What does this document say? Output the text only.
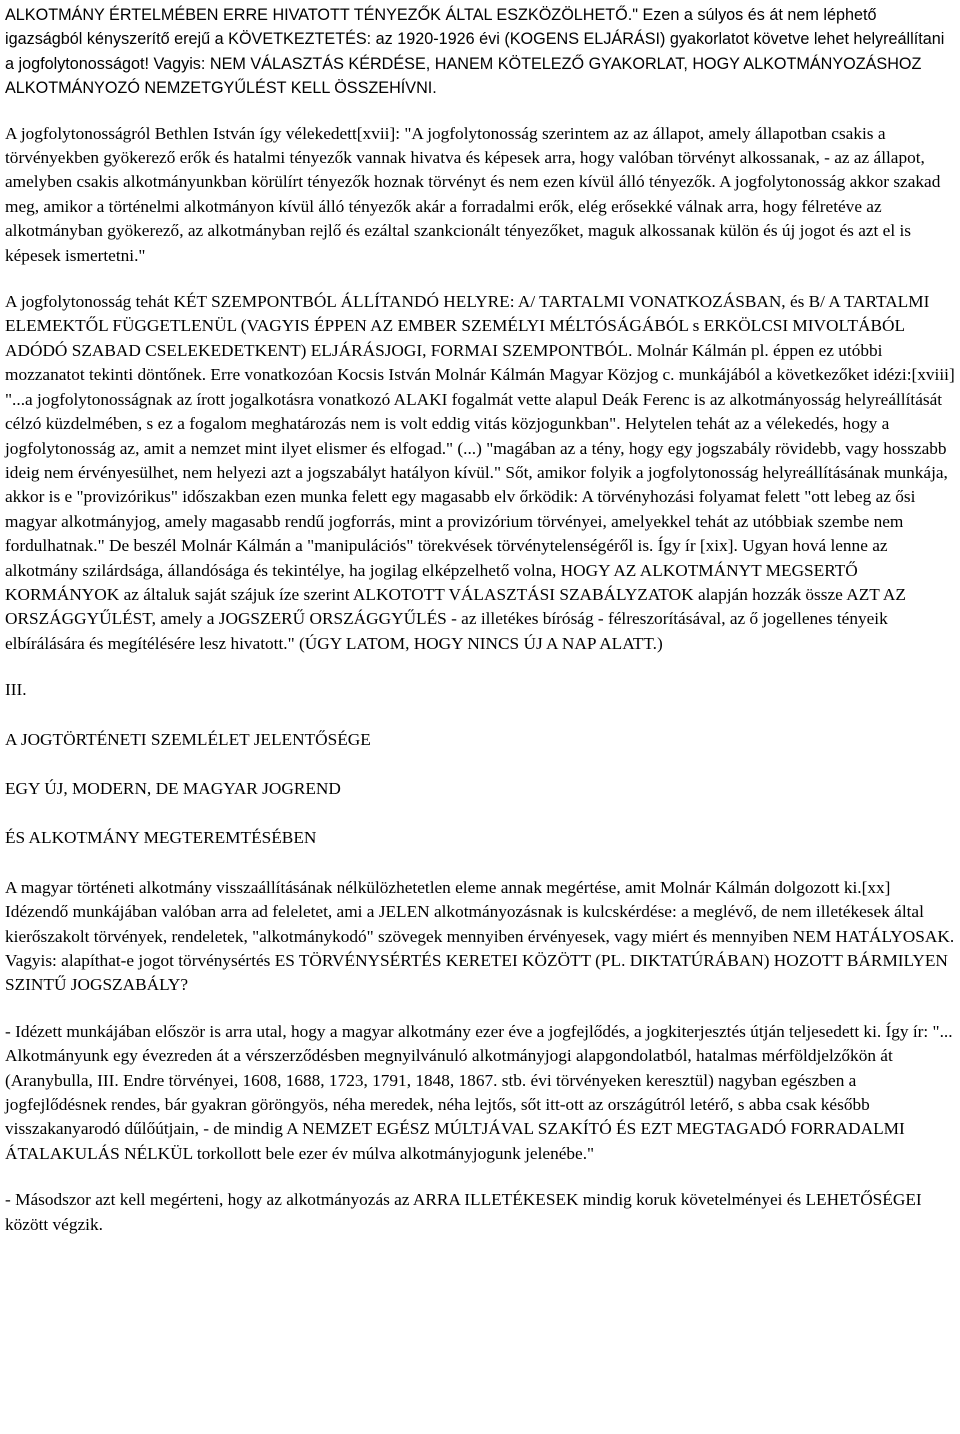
ALKOTMÁNY ÉRTELMÉBEN ERRE HIVATOTT TÉNYEZŐK ÁLTAL ESZKÖZÖLHETŐ." Ezen a súlyos és át nem léphető igazságból kényszerítő erejű a KÖVETKEZTETÉS: az 1920-1926 évi (KOGENS ELJÁRÁSI) gyakorlatot követve lehet helyreállítani a jogfolytonosságot! Vagyis: NEM VÁLASZTÁS KÉRDÉSE, HANEM KÖTELEZŐ GYAKORLAT, HOGY ALKOTMÁNYOZÁSHOZ ALKOTMÁNYOZÓ NEMZETGYŰLÉST KELL ÖSSZEHÍVNI.

A jogfolytonosságról Bethlen István így vélekedett[xvii]: "A jogfolytonosság szerintem az az állapot, amely állapotban csakis a törvényekben gyökerező erők és hatalmi tényezők vannak hivatva és képesek arra, hogy valóban törvényt alkossanak, - az az állapot, amelyben csakis alkotmányunkban körülírt tényezők hoznak törvényt és nem ezen kívül álló tényezők. A jogfolytonosság akkor szakad meg, amikor a történelmi alkotmányon kívül álló tényezők akár a forradalmi erők, elég erősekké válnak arra, hogy félretéve az alkotmányban gyökerező, az alkotmányban rejlő és ezáltal szankcionált tényezőket, maguk alkossanak külön és új jogot és azt el is képesek ismertetni."

A jogfolytonosság tehát KÉT SZEMPONTBÓL ÁLLÍTANDÓ HELYRE: A/ TARTALMI VONATKOZÁSBAN, és B/ A TARTALMI ELEMEKTŐL FÜGGETLENÜL (VAGYIS ÉPPEN AZ EMBER SZEMÉLYI MÉLTÓSÁGÁBÓL s ERKÖLCSI MIVOLTÁBÓL ADÓDÓ SZABAD CSELEKEDETKENT) ELJÁRÁSJOGI, FORMAI SZEMPONTBÓL. Molnár Kálmán pl. éppen ez utóbbi mozzanatot tekinti döntőnek. Erre vonatkozóan Kocsis István Molnár Kálmán Magyar Közjog c. munkájából a következőket idézi:[xviii] "...a jogfolytonosságnak az írott jogalkotásra vonatkozó ALAKI fogalmát vette alapul Deák Ferenc is az alkotmányosság helyreállítását célzó küzdelmében, s ez a fogalom meghatározás nem is volt eddig vitás közjogunkban". Helytelen tehát az a vélekedés, hogy a jogfolytonosság az, amit a nemzet mint ilyet elismer és elfogad." (...) "magában az a tény, hogy egy jogszabály rövidebb, vagy hosszabb ideig nem érvényesülhet, nem helyezi azt a jogszabályt hatályon kívül." Sőt, amikor folyik a jogfolytonosság helyreállításának munkája, akkor is e "provizórikus" időszakban ezen munka felett egy magasabb elv őrködik: A törvényhozási folyamat felett "ott lebeg az ősi magyar alkotmányjog, amely magasabb rendű jogforrás, mint a provizórium törvényei, amelyekkel tehát az utóbbiak szembe nem fordulhatnak." De beszél Molnár Kálmán a "manipulációs" törekvések törvénytelenségéről is. Így ír [xix]. Ugyan hová lenne az alkotmány szilárdsága, állandósága és tekintélye, ha jogilag elképzelhető volna, HOGY AZ ALKOTMÁNYT MEGSERTŐ KORMÁNYOK az általuk saját szájuk íze szerint ALKOTOTT VÁLASZTÁSI SZABÁLYZATOK alapján hozzák össze AZT AZ ORSZÁGGYŰLÉST, amely a JOGSZERŰ ORSZÁGGYŰLÉS - az illetékes bíróság - félreszorításával, az ő jogellenes tényeik elbírálására és megítélésére lesz hivatott." (ÚGY LATOM, HOGY NINCS ÚJ A NAP ALATT.)

III.

A JOGTÖRTÉNETI SZEMLÉLET JELENTŐSÉGE

EGY ÚJ, MODERN, DE MAGYAR JOGREND

ÉS ALKOTMÁNY MEGTEREMTÉSÉBEN

A magyar történeti alkotmány visszaállításának nélkülözhetetlen eleme annak megértése, amit Molnár Kálmán dolgozott ki.[xx] Idézendő munkájában valóban arra ad feleletet, ami a JELEN alkotmányozásnak is kulcskérdése: a meglévő, de nem illetékesek által kierőszakolt törvények, rendeletek, "alkotmánykodó" szövegek mennyiben érvényesek, vagy miért és mennyiben NEM HATÁLYOSAK. Vagyis: alapíthat-e jogot törvénysértés ES TÖRVÉNYSÉRTÉS KERETEI KÖZÖTT (PL. DIKTATÚRÁBAN) HOZOTT BÁRMILYEN SZINTŰ JOGSZABÁLY?

- Idézett munkájában először is arra utal, hogy a magyar alkotmány ezer éve a jogfejlődés, a jogkiterjesztés útján teljesedett ki. Így ír: "... Alkotmányunk egy évezreden át a vérszerződésben megnyilvánuló alkotmányjogi alapgondolatból, hatalmas mérföldjelzőkön át (Aranybulla, III. Endre törvényei, 1608, 1688, 1723, 1791, 1848, 1867. stb. évi törvényeken keresztül) nagyban egészben a jogfejlődésnek rendes, bár gyakran göröngyös, néha meredek, néha lejtős, sőt itt-ott az országútról letérő, s abba csak később visszakanyarodó dűlőútjain, - de mindig A NEMZET EGÉSZ MÚLTJÁVAL SZAKÍTÓ ÉS EZT MEGTAGADÓ FORRADALMI ÁTALAKULÁS NÉLKÜL torkollott bele ezer év múlva alkotmányjogunk jelenébe."

- Másodszor azt kell megérteni, hogy az alkotmányozás az ARRA ILLETÉKESEK mindig koruk követelményei és LEHETŐSÉGEI között végzik.
